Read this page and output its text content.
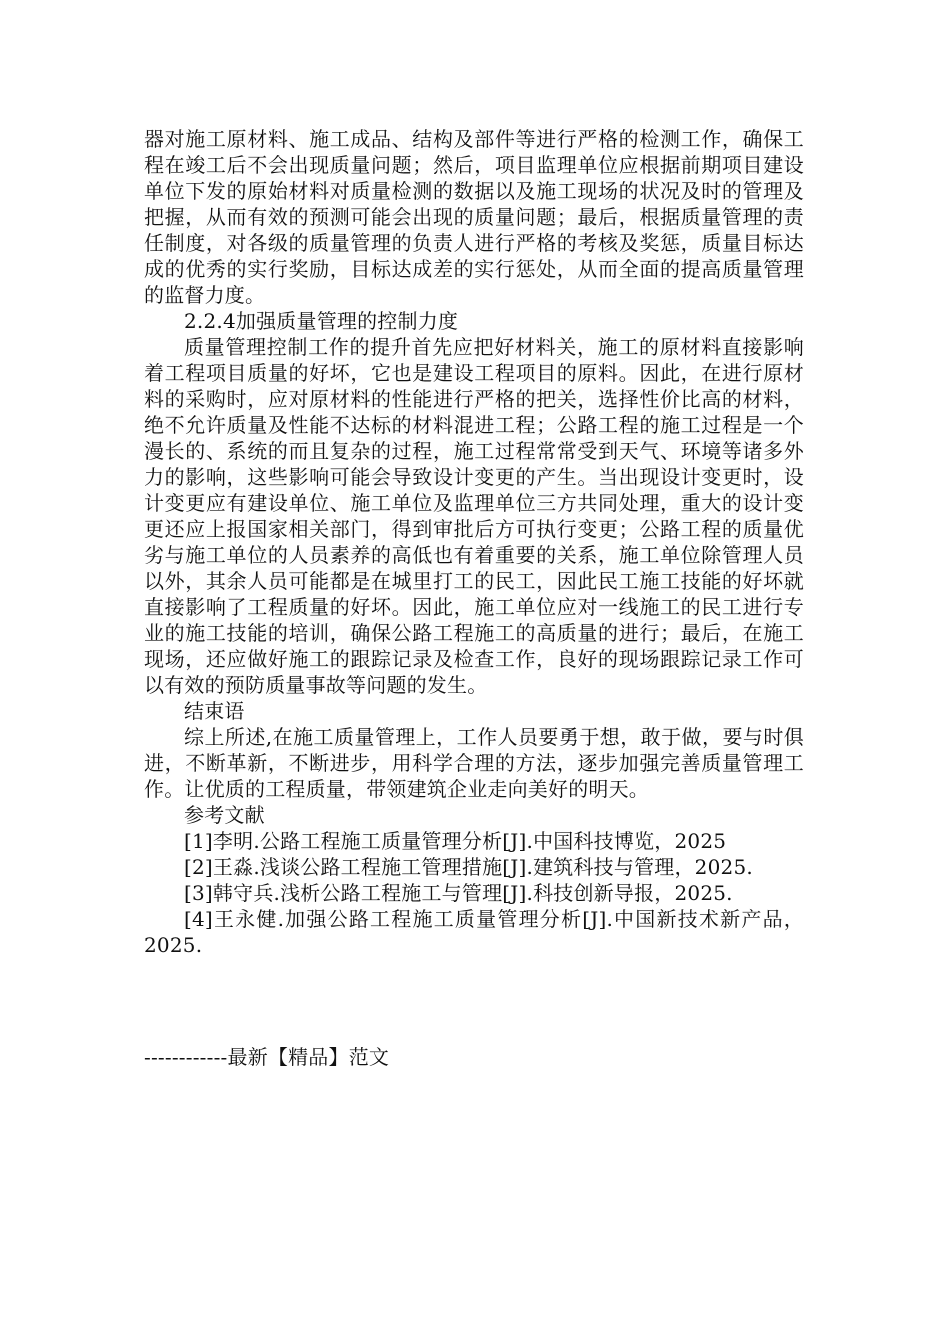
器对施工原材料、施工成品、结构及部件等进行严格的检测工作，确保工程在竣工后不会出现质量问题；然后，项目监理单位应根据前期项目建设单位下发的原始材料对质量检测的数据以及施工现场的状况及时的管理及把握，从而有效的预测可能会出现的质量问题；最后，根据质量管理的责任制度，对各级的质量管理的负责人进行严格的考核及奖惩，质量目标达成的优秀的实行奖励，目标达成差的实行惩处，从而全面的提高质量管理的监督力度。

2.2.4加强质量管理的控制力度

质量管理控制工作的提升首先应把好材料关，施工的原材料直接影响着工程项目质量的好坏，它也是建设工程项目的原料。因此，在进行原材料的采购时，应对原材料的性能进行严格的把关，选择性价比高的材料，绝不允许质量及性能不达标的材料混进工程；公路工程的施工过程是一个漫长的、系统的而且复杂的过程，施工过程常常受到天气、环境等诸多外力的影响，这些影响可能会导致设计变更的产生。当出现设计变更时，设计变更应有建设单位、施工单位及监理单位三方共同处理，重大的设计变更还应上报国家相关部门，得到审批后方可执行变更；公路工程的质量优劣与施工单位的人员素养的高低也有着重要的关系，施工单位除管理人员以外，其余人员可能都是在城里打工的民工，因此民工施工技能的好坏就直接影响了工程质量的好坏。因此，施工单位应对一线施工的民工进行专业的施工技能的培训，确保公路工程施工的高质量的进行；最后，在施工现场，还应做好施工的跟踪记录及检查工作，良好的现场跟踪记录工作可以有效的预防质量事故等问题的发生。

结束语

综上所述,在施工质量管理上，工作人员要勇于想，敢于做，要与时俱进，不断革新，不断进步，用科学合理的方法，逐步加强完善质量管理工作。让优质的工程质量，带领建筑企业走向美好的明天。

参考文献

[1]李明.公路工程施工质量管理分析[J].中国科技博览，2025

[2]王淼.浅谈公路工程施工管理措施[J].建筑科技与管理，2025.

[3]韩守兵.浅析公路工程施工与管理[J].科技创新导报，2025.

[4]王永健.加强公路工程施工质量管理分析[J].中国新技术新产品，2025.

------------最新【精品】范文
